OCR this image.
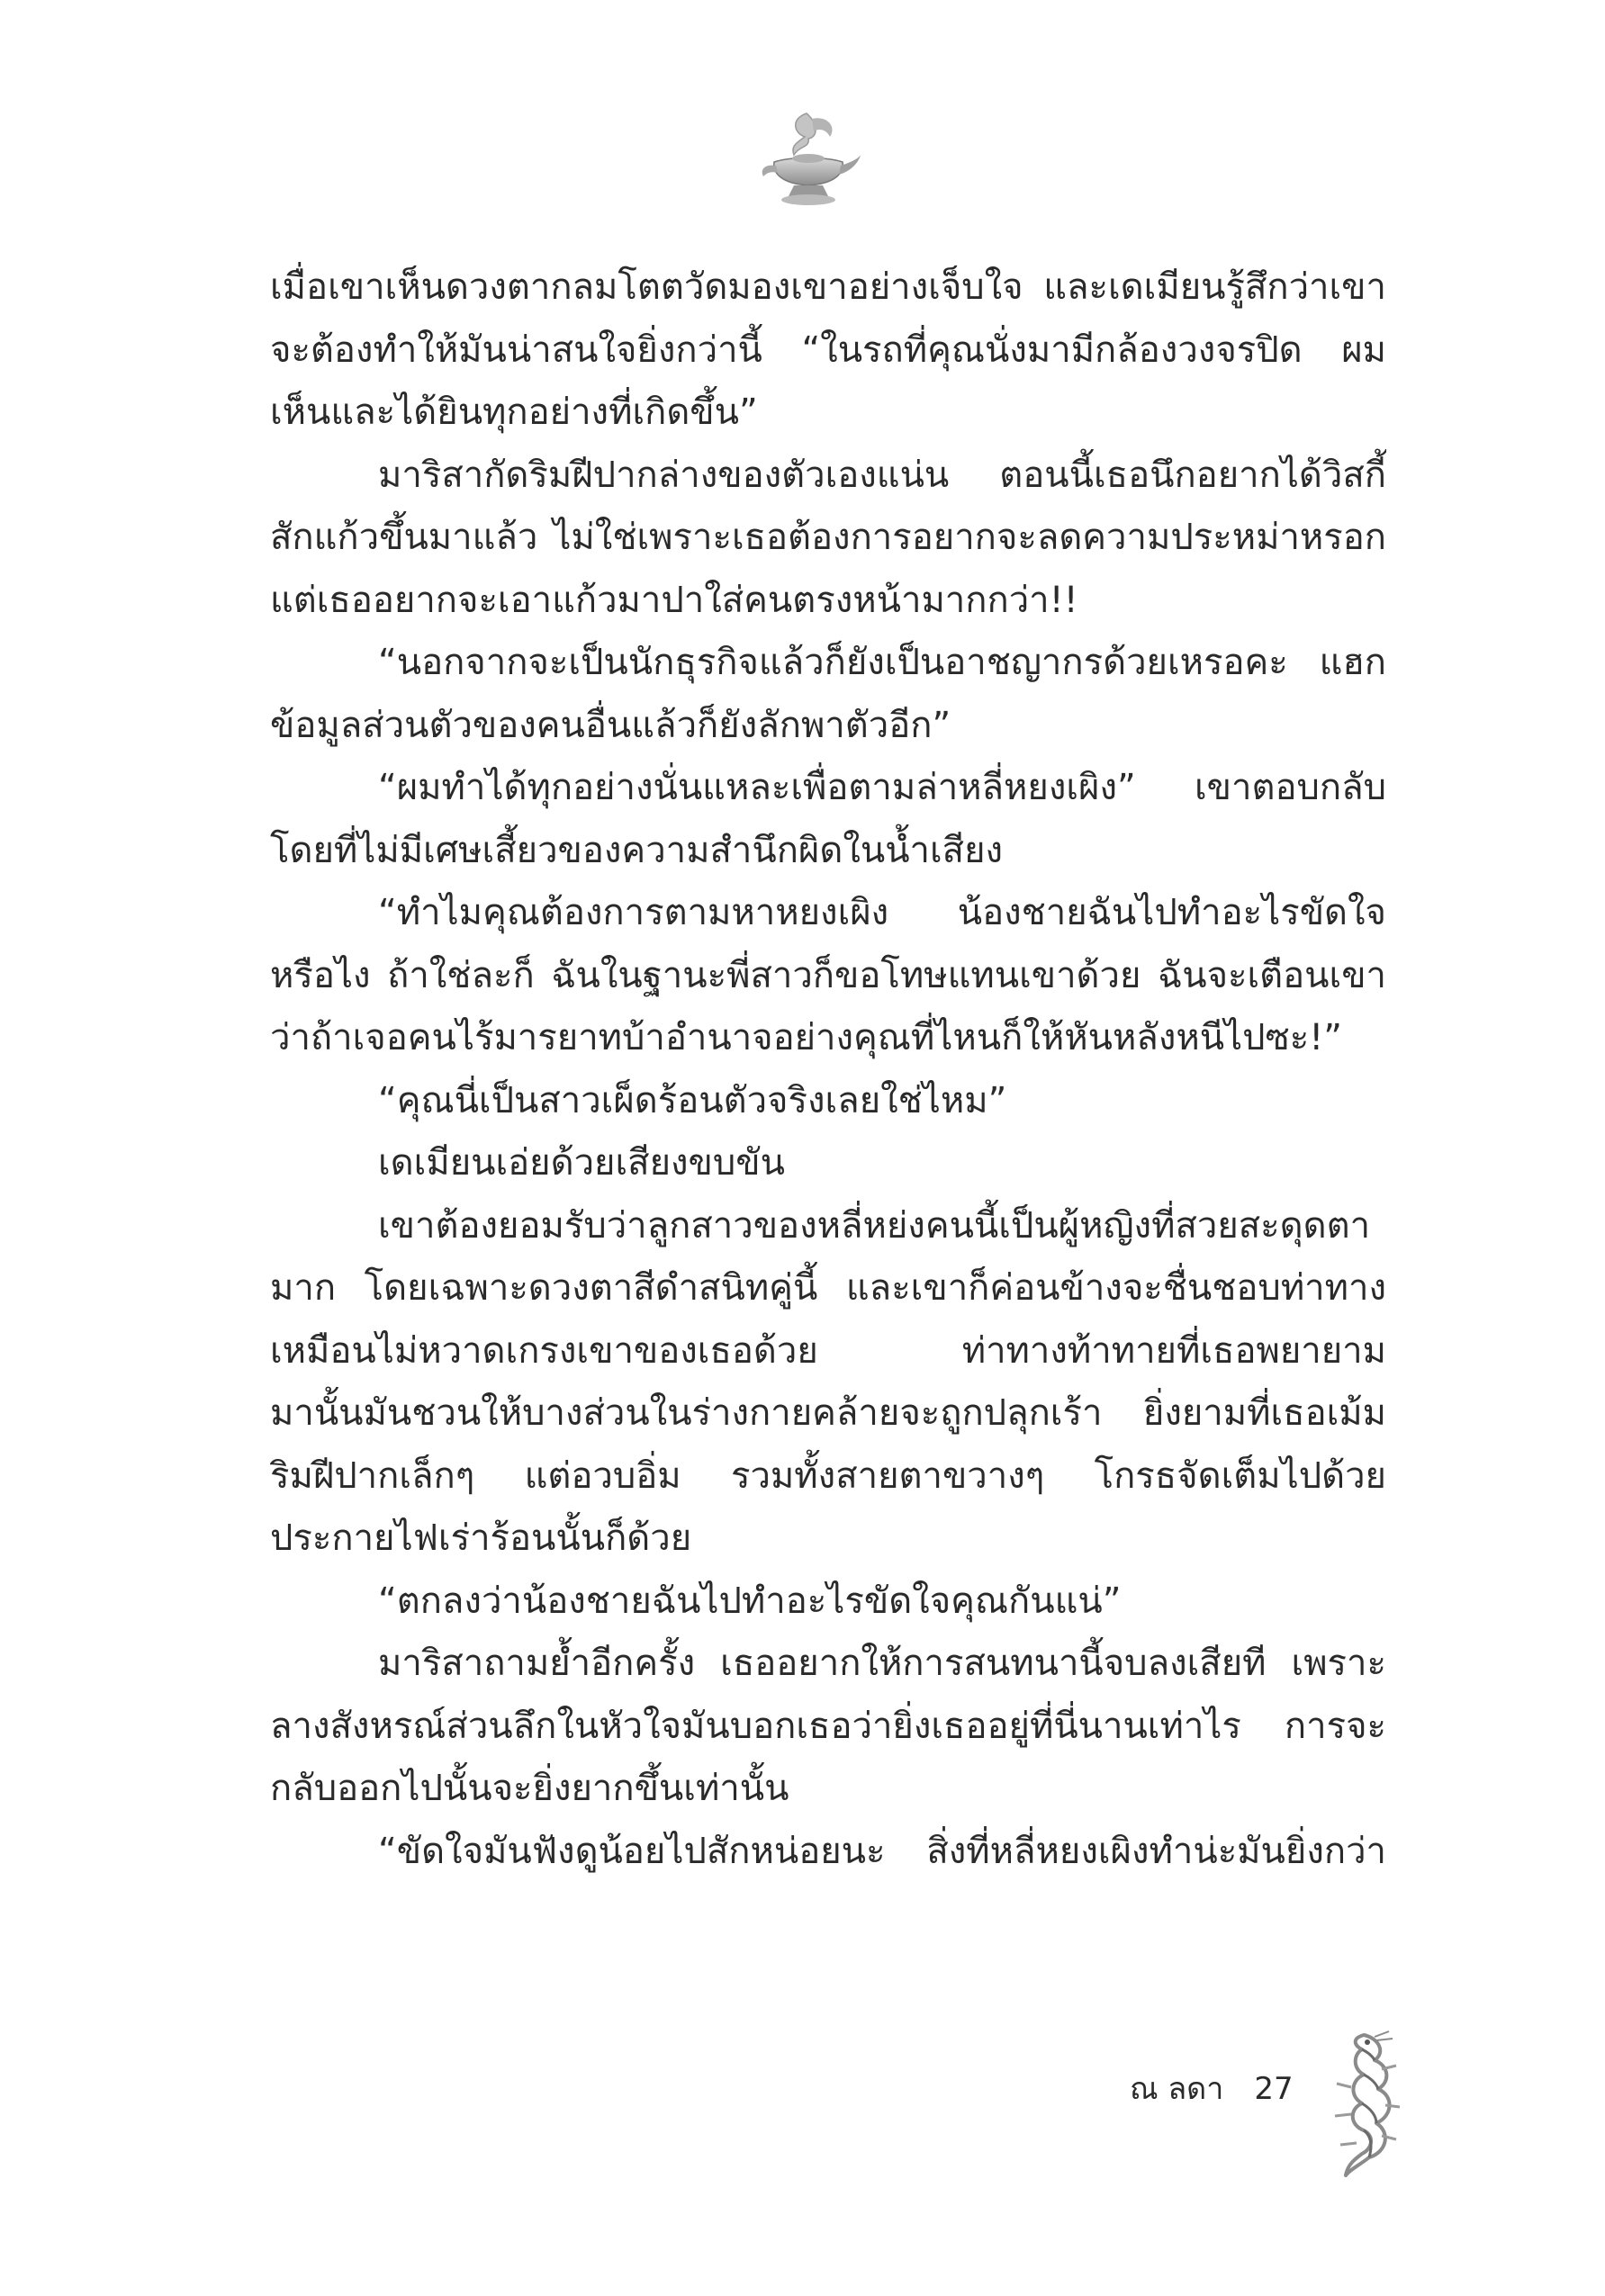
เมื่อเขาเห็นดวงตากลมโตตวัดมองเขาอย่างเจ็บใจ และเดเมียนรู้สึกว่าเขา
จะต้องทำให้มันน่าสนใจยิ่งกว่านี้ “ในรถที่คุณนั่งมามีกล้องวงจรปิด ผม
เห็นและได้ยินทุกอย่างที่เกิดขึ้น”
มาริสากัดริมฝีปากล่างของตัวเองแน่น ตอนนี้เธอนึกอยากได้วิสกี้
สักแก้วขึ้นมาแล้ว ไม่ใช่เพราะเธอต้องการอยากจะลดความประหม่าหรอก
แต่เธออยากจะเอาแก้วมาปาใส่คนตรงหน้ามากกว่า!!
“นอกจากจะเป็นนักธุรกิจแล้วก็ยังเป็นอาชญากรด้วยเหรอคะ แฮก
ข้อมูลส่วนตัวของคนอื่นแล้วก็ยังลักพาตัวอีก”
“ผมทำได้ทุกอย่างนั่นแหละเพื่อตามล่าหลี่หยงเผิง” เขาตอบกลับ
โดยที่ไม่มีเศษเสี้ยวของความสำนึกผิดในน้ำเสียง
“ทำไมคุณต้องการตามหาหยงเผิง น้องชายฉันไปทำอะไรขัดใจ
หรือไง ถ้าใช่ละก็ ฉันในฐานะพี่สาวก็ขอโทษแทนเขาด้วย ฉันจะเตือนเขา
ว่าถ้าเจอคนไร้มารยาทบ้าอำนาจอย่างคุณที่ไหนก็ให้หันหลังหนีไปซะ!”
“คุณนี่เป็นสาวเผ็ดร้อนตัวจริงเลยใช่ไหม”
เดเมียนเอ่ยด้วยเสียงขบขัน
เขาต้องยอมรับว่าลูกสาวของหลี่หย่งคนนี้เป็นผู้หญิงที่สวยสะดุดตา
มาก โดยเฉพาะดวงตาสีดำสนิทคู่นี้ และเขาก็ค่อนข้างจะชื่นชอบท่าทาง
เหมือนไม่หวาดเกรงเขาของเธอด้วย ท่าทางท้าทายที่เธอพยายาม
มานั้นมันชวนให้บางส่วนในร่างกายคล้ายจะถูกปลุกเร้า ยิ่งยามที่เธอเม้ม
ริมฝีปากเล็กๆ แต่อวบอิ่ม รวมทั้งสายตาขวางๆ โกรธจัดเต็มไปด้วย
ประกายไฟเร่าร้อนนั้นก็ด้วย
“ตกลงว่าน้องชายฉันไปทำอะไรขัดใจคุณกันแน่”
มาริสาถามย้ำอีกครั้ง เธออยากให้การสนทนานี้จบลงเสียที เพราะ
ลางสังหรณ์ส่วนลึกในหัวใจมันบอกเธอว่ายิ่งเธออยู่ที่นี่นานเท่าไร การจะ
กลับออกไปนั้นจะยิ่งยากขึ้นเท่านั้น
“ขัดใจมันฟังดูน้อยไปสักหน่อยนะ สิ่งที่หลี่หยงเผิงทำน่ะมันยิ่งกว่า
ณ ลดา 27
